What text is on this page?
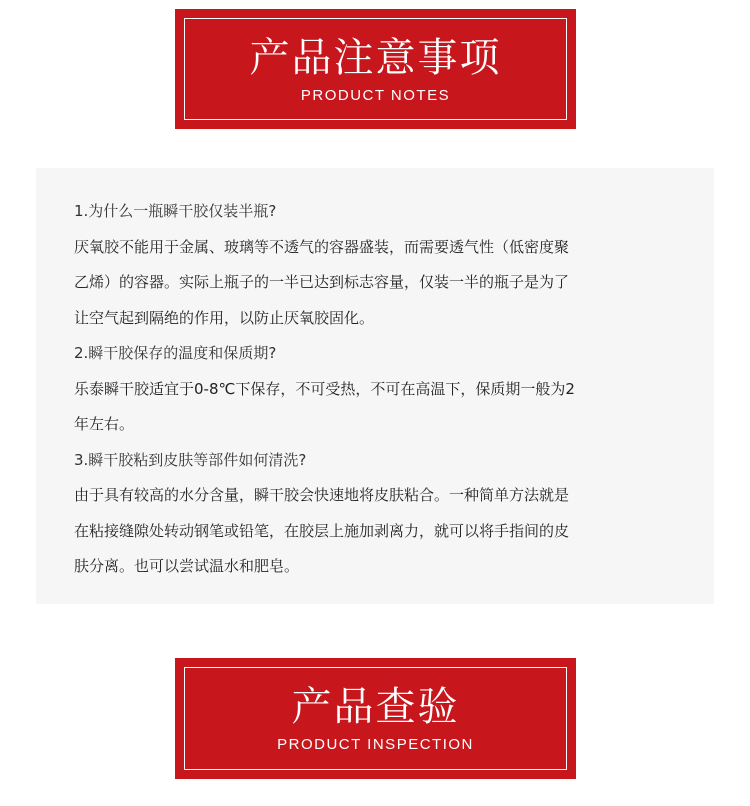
产品注意事项
PRODUCT NOTES

1.为什么一瓶瞬干胶仅装半瓶?

厌氧胶不能用于金属、玻璃等不透气的容器盛装，而需要透气性（低密度聚

乙烯）的容器。实际上瓶子的一半已达到标志容量，仅装一半的瓶子是为了

让空气起到隔绝的作用，以防止厌氧胶固化。

2.瞬干胶保存的温度和保质期?

乐泰瞬干胶适宜于0-8℃下保存，不可受热，不可在高温下，保质期一般为2

年左右。

3.瞬干胶粘到皮肤等部件如何清洗?

由于具有较高的水分含量，瞬干胶会快速地将皮肤粘合。一种简单方法就是

在粘接缝隙处转动钢笔或铅笔，在胶层上施加剥离力，就可以将手指间的皮

肤分离。也可以尝试温水和肥皂。

产品查验
PRODUCT INSPECTION
